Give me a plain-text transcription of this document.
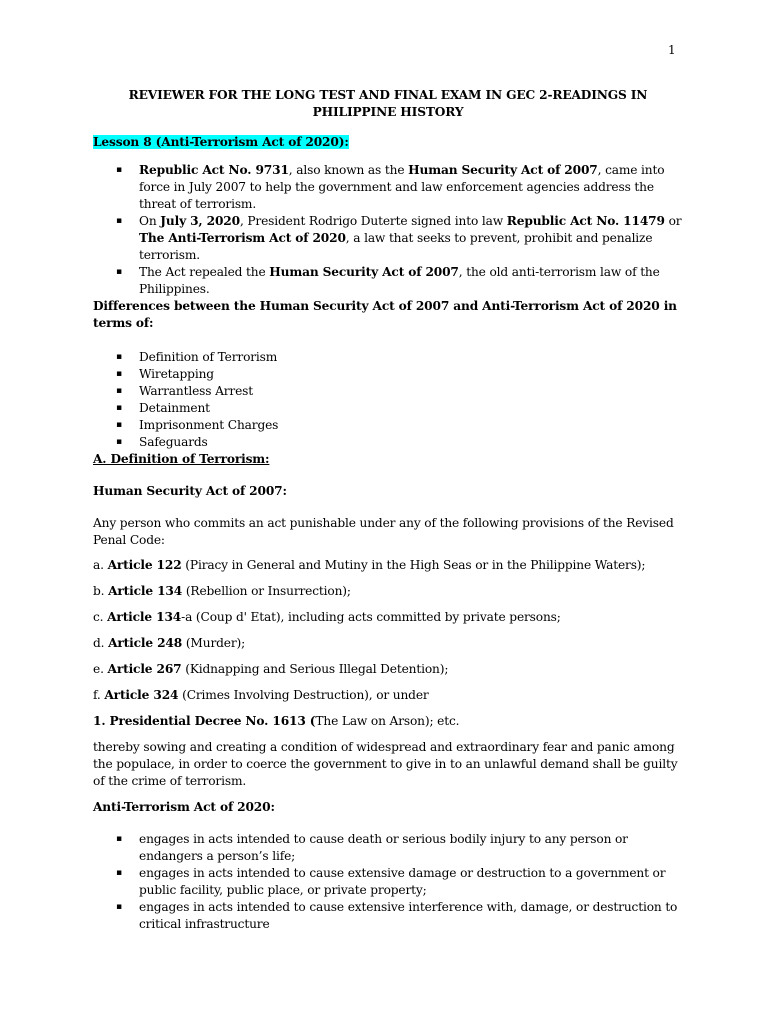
1

REVIEWER FOR THE LONG TEST AND FINAL EXAM IN GEC 2-READINGS IN PHILIPPINE HISTORY

Lesson 8 (Anti-Terrorism Act of 2020):

▪ Republic Act No. 9731, also known as the Human Security Act of 2007, came into force in July 2007 to help the government and law enforcement agencies address the threat of terrorism.
▪ On July 3, 2020, President Rodrigo Duterte signed into law Republic Act No. 11479 or The Anti-Terrorism Act of 2020, a law that seeks to prevent, prohibit and penalize terrorism.
▪ The Act repealed the Human Security Act of 2007, the old anti-terrorism law of the Philippines.

Differences between the Human Security Act of 2007 and Anti-Terrorism Act of 2020 in terms of:

▪ Definition of Terrorism
▪ Wiretapping
▪ Warrantless Arrest
▪ Detainment
▪ Imprisonment Charges
▪ Safeguards

A. Definition of Terrorism:

Human Security Act of 2007:

Any person who commits an act punishable under any of the following provisions of the Revised Penal Code:

a. Article 122 (Piracy in General and Mutiny in the High Seas or in the Philippine Waters);

b. Article 134 (Rebellion or Insurrection);

c. Article 134-a (Coup d' Etat), including acts committed by private persons;

d. Article 248 (Murder);

e. Article 267 (Kidnapping and Serious Illegal Detention);

f. Article 324 (Crimes Involving Destruction), or under

1. Presidential Decree No. 1613 (The Law on Arson); etc.

thereby sowing and creating a condition of widespread and extraordinary fear and panic among the populace, in order to coerce the government to give in to an unlawful demand shall be guilty of the crime of terrorism.

Anti-Terrorism Act of 2020:

▪ engages in acts intended to cause death or serious bodily injury to any person or endangers a person’s life;
▪ engages in acts intended to cause extensive damage or destruction to a government or public facility, public place, or private property;
▪ engages in acts intended to cause extensive interference with, damage, or destruction to critical infrastructure
